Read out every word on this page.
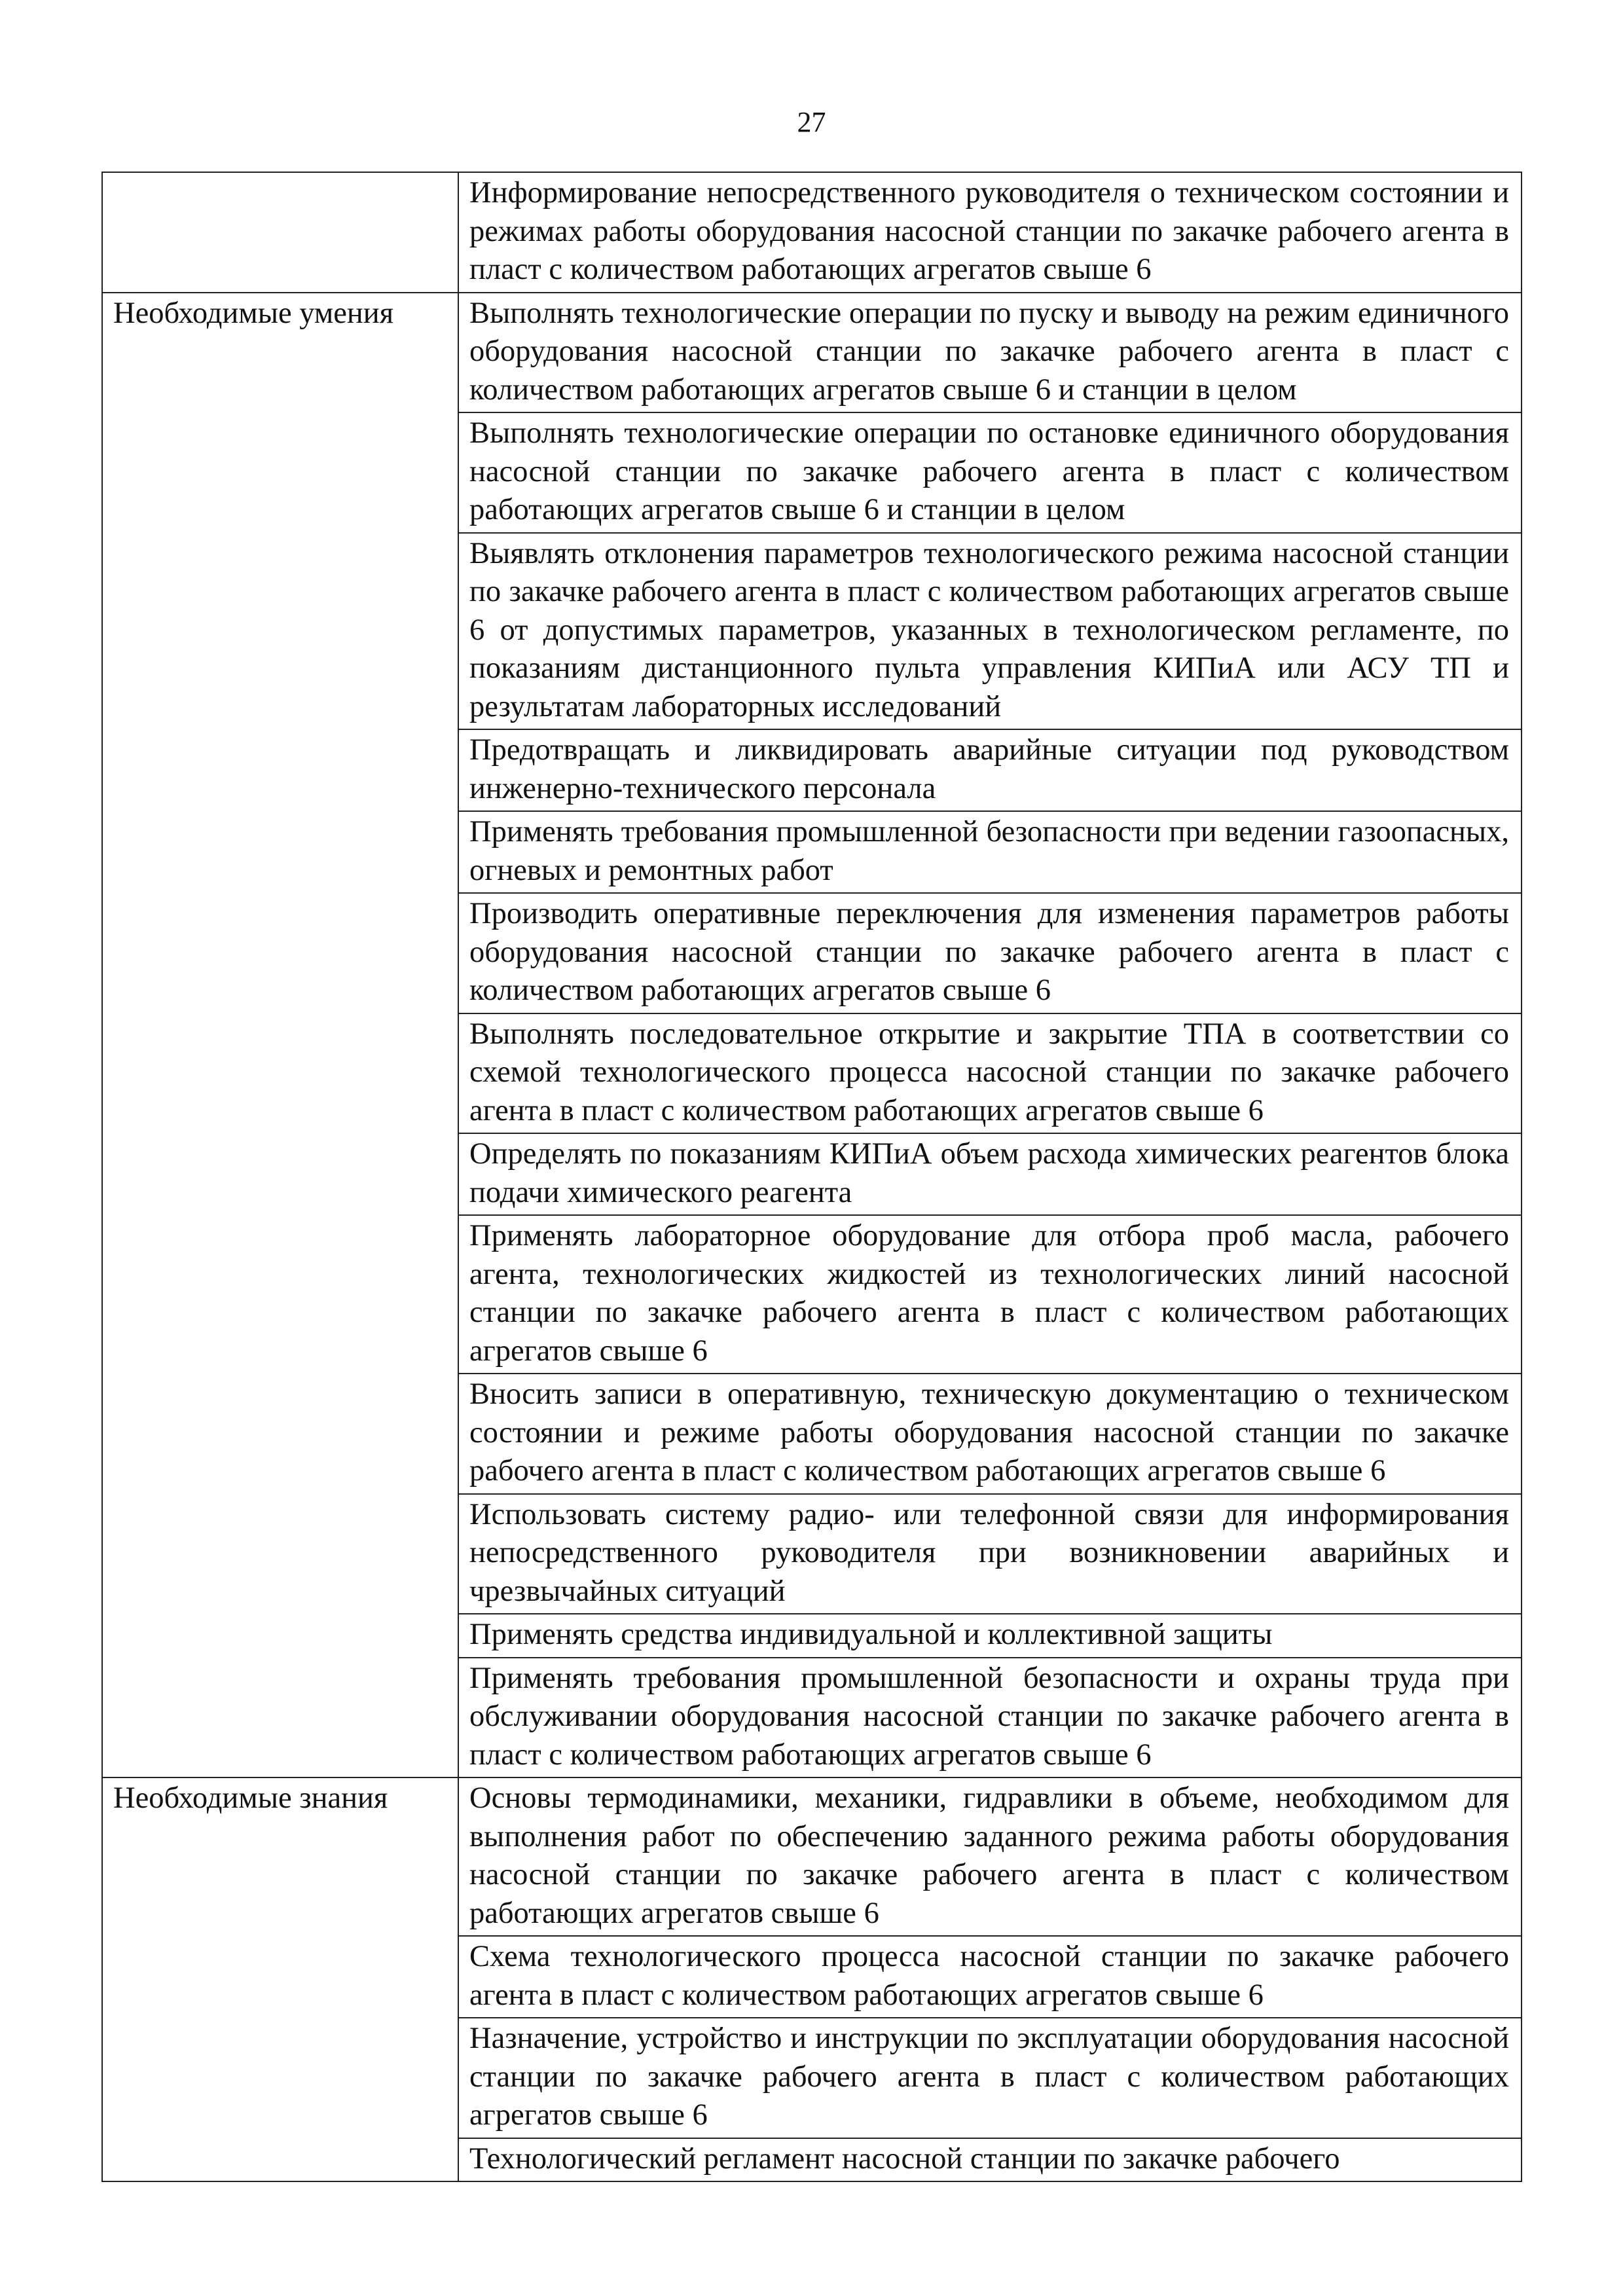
27
	Информирование непосредственного руководителя о техническом состоянии и режимах работы оборудования насосной станции по закачке рабочего агента в пласт с количеством работающих агрегатов свыше 6
Необходимые умения	Выполнять технологические операции по пуску и выводу на режим единичного оборудования насосной станции по закачке рабочего агента в пласт с количеством работающих агрегатов свыше 6 и станции в целом
	Выполнять технологические операции по остановке единичного оборудования насосной станции по закачке рабочего агента в пласт с количеством работающих агрегатов свыше 6 и станции в целом
	Выявлять отклонения параметров технологического режима насосной станции по закачке рабочего агента в пласт с количеством работающих агрегатов свыше 6 от допустимых параметров, указанных в технологическом регламенте, по показаниям дистанционного пульта управления КИПиА или АСУ ТП и результатам лабораторных исследований
	Предотвращать и ликвидировать аварийные ситуации под руководством инженерно-технического персонала
	Применять требования промышленной безопасности при ведении газоопасных, огневых и ремонтных работ
	Производить оперативные переключения для изменения параметров работы оборудования насосной станции по закачке рабочего агента в пласт с количеством работающих агрегатов свыше 6
	Выполнять последовательное открытие и закрытие ТПА в соответствии со схемой технологического процесса насосной станции по закачке рабочего агента в пласт с количеством работающих агрегатов свыше 6
	Определять по показаниям КИПиА объем расхода химических реагентов блока подачи химического реагента
	Применять лабораторное оборудование для отбора проб масла, рабочего агента, технологических жидкостей из технологических линий насосной станции по закачке рабочего агента в пласт с количеством работающих агрегатов свыше 6
	Вносить записи в оперативную, техническую документацию о техническом состоянии и режиме работы оборудования насосной станции по закачке рабочего агента в пласт с количеством работающих агрегатов свыше 6
	Использовать систему радио- или телефонной связи для информирования непосредственного руководителя при возникновении аварийных и чрезвычайных ситуаций
	Применять средства индивидуальной и коллективной защиты
	Применять требования промышленной безопасности и охраны труда при обслуживании оборудования насосной станции по закачке рабочего агента в пласт с количеством работающих агрегатов свыше 6
Необходимые знания	Основы термодинамики, механики, гидравлики в объеме, необходимом для выполнения работ по обеспечению заданного режима работы оборудования насосной станции по закачке рабочего агента в пласт с количеством работающих агрегатов свыше 6
	Схема технологического процесса насосной станции по закачке рабочего агента в пласт с количеством работающих агрегатов свыше 6
	Назначение, устройство и инструкции по эксплуатации оборудования насосной станции по закачке рабочего агента в пласт с количеством работающих агрегатов свыше 6
	Технологический регламент насосной станции по закачке рабочего
